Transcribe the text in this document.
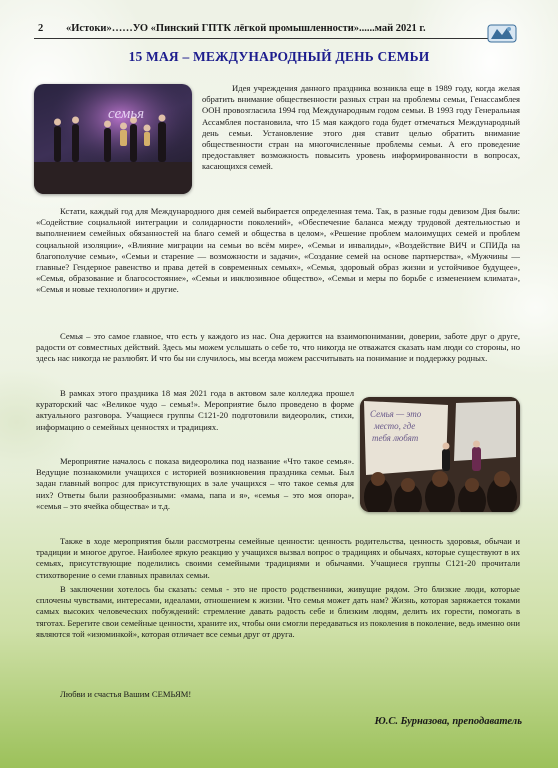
2 «Истоки»……УО «Пинский ГПТК лёгкой промышленности»......май 2021 г.
15 МАЯ – МЕЖДУНАРОДНЫЙ ДЕНЬ СЕМЬИ
семья

Идея учреждения данного праздника возникла еще в 1989 году, когда желая обратить внимание общественности разных стран на проблемы семьи, Генассамблея ООН провозгласила 1994 год Международным годом семьи. В 1993 году Генеральная Ассамблея постановила, что 15 мая каждого года будет отмечаться Международный день семьи. Установление этого дня ставит целью обратить внимание общественности стран на многочисленные проблемы семьи. А его проведение предоставляет возможность повысить уровень информированности в вопросах, касающихся семей.

Кстати, каждый год для Международного дня семей выбирается определенная тема. Так, в разные годы девизом Дня были: «Содействие социальной интеграции и солидарности поколений», «Обеспечение баланса между трудовой деятельностью и выполнением семейных обязанностей на благо семей и общества в целом», «Решение проблем малоимущих семей и проблем социальной изоляции», «Влияние миграции на семьи во всём мире», «Семьи и инвалиды», «Воздействие ВИЧ и СПИДа на благополучие семьи», «Семьи и старение — возможности и задачи», «Создание семей на основе партнерства», «Мужчины — главные? Гендерное равенство и права детей в современных семьях», «Семья, здоровый образ жизни и устойчивое будущее», «Семья, образование и благосостояние», «Семьи и инклюзивное общество», «Семьи и меры по борьбе с изменением климата», «Семья и новые технологии» и другие.

Семья – это самое главное, что есть у каждого из нас. Она держится на взаимопонимании, доверии, заботе друг о друге, радости от совместных действий. Здесь мы можем услышать о себе то, что никогда не отважатся сказать нам люди со стороны, но здесь нас никогда не разлюбят. И что бы ни случилось, мы всегда можем рассчитывать на понимание и поддержку родных.

В рамках этого праздника 18 мая 2021 года в актовом зале колледжа прошел кураторский час «Великое чудо – семья!». Мероприятие было проведено в форме актуального разговора. Учащиеся группы С121-20 подготовили видеоролик, стихи, информацию о семейных ценностях и традициях.

Семья — это
место, где
тебя любят

Мероприятие началось с показа видеоролика под название «Что такое семья». Ведущие познакомили учащихся с историей возникновения праздника семьи. Был задан главный вопрос для присутствующих в зале учащихся – что такое семья для них? Ответы были разнообразными: «мама, папа и я», «семья – это моя опора», «семья – это ячейка общества» и т.д.

Также в ходе мероприятия были рассмотрены семейные ценности: ценность родительства, ценность здоровья, обычаи и традиции и многое другое. Наиболее яркую реакцию у учащихся вызвал вопрос о традициях и обычаях, которые существуют в их семьях, присутствующие поделились своими семейными традициями и обычаями. Учащиеся группы С121-20 прочитали стихотворение о семи главных правилах семьи.

В заключении хотелось бы сказать: семья - это не просто родственники, живущие рядом. Это близкие люди, которые сплочены чувствами, интересами, идеалами, отношением к жизни. Что семья может дать нам? Жизнь, которая заряжается токами самых высоких человеческих побуждений: стремление давать радость себе и близким людям, делить их горести, помогать в тяготах. Берегите свои семейные ценности, храните их, чтобы они смогли передаваться из поколения в поколение, ведь именно они являются той «изюминкой», которая отличает все семьи друг от друга.

Любви и счастья Вашим СЕМЬЯМ!

Ю.С. Бурназова, преподаватель
